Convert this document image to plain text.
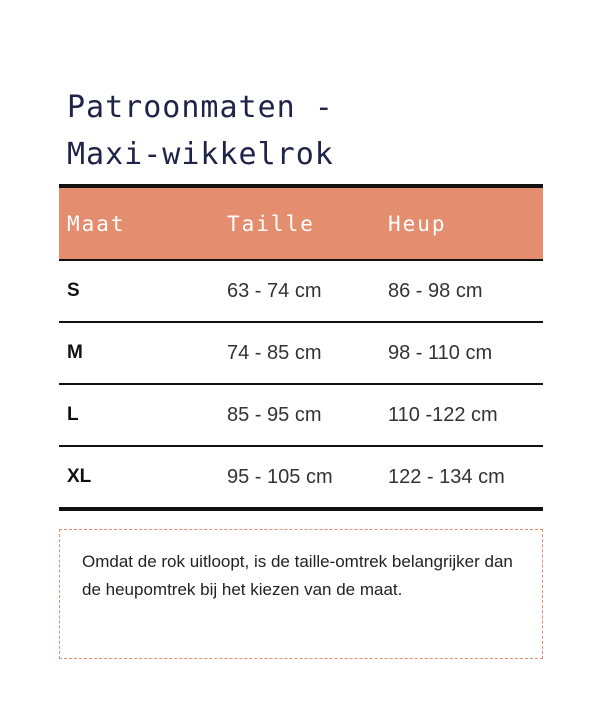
Patroonmaten -
Maxi-wikkelrok
Maat	Taille	Heup
S	63 - 74 cm	86 - 98 cm
M	74 - 85 cm	98 - 110 cm
L	85 - 95 cm	110 -122 cm
XL	95 - 105 cm	122 - 134 cm
Omdat de rok uitloopt, is de taille-omtrek belangrijker dan de heupomtrek bij het kiezen van de maat.
